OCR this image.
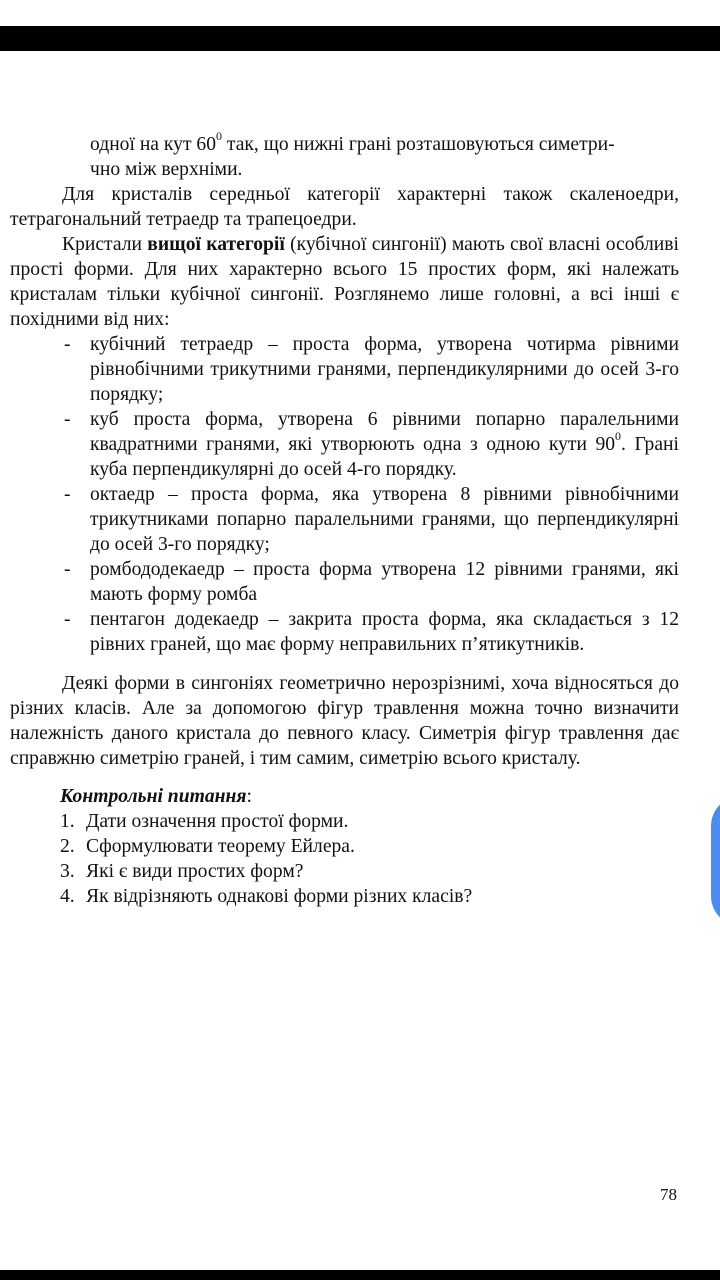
одної на кут $60^0$ так, що нижні грані розташовуються симетри-

чно між верхніми.

Для кристалів середньої категорії характерні також скаленоедри, тетрагональний тетраедр та трапецоедри.

Кристали вищої категорії (кубічної сингонії) мають свої власні особливі прості форми. Для них характерно всього 15 простих форм, які належать кристалам тільки кубічної сингонії. Розглянемо лише головні, а всі інші є похідними від них:

- кубічний тетраедр – проста форма, утворена чотирма рівними рівнобічними трикутними гранями, перпендикулярними до осей 3-го порядку;
- куб проста форма, утворена 6 рівними попарно паралельними квадратними гранями, які утворюють одна з одною кути $90^0$. Грані куба перпендикулярні до осей 4-го порядку.
- октаедр – проста форма, яка утворена 8 рівними рівнобічними трикутниками попарно паралельними гранями, що перпендикулярні до осей 3-го порядку;
- ромбододекаедр – проста форма утворена 12 рівними гранями, які мають форму ромба
- пентагон додекаедр – закрита проста форма, яка складається з 12 рівних граней, що має форму неправильних п’ятикутників.

Деякі форми в сингоніях геометрично нерозрізнимі, хоча відносяться до різних класів. Але за допомогою фігур травлення можна точно визначити належність даного кристала до певного класу. Симетрія фігур травлення дає справжню симетрію граней, і тим самим, симетрію всього кристалу.

Контрольні питання:

1. Дати означення простої форми.
2. Сформулювати теорему Ейлера.
3. Які є види простих форм?
4. Як відрізняють однакові форми різних класів?
78
